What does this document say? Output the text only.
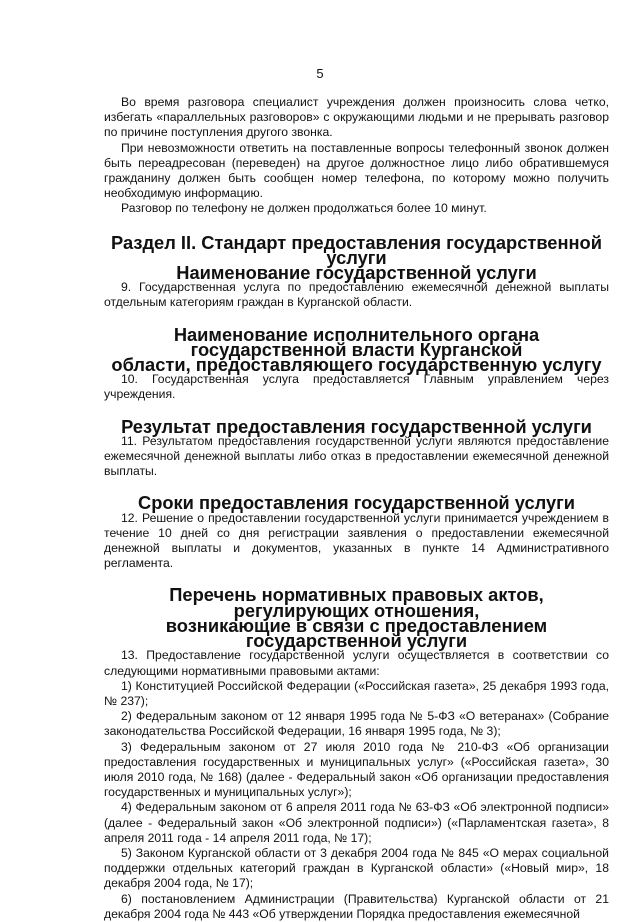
5

Во время разговора специалист учреждения должен произносить слова четко, избегать «параллельных разговоров» с окружающими людьми и не прерывать разговор по причине поступления другого звонка.

При невозможности ответить на поставленные вопросы телефонный звонок должен быть переадресован (переведен) на другое должностное лицо либо обратившемуся гражданину должен быть сообщен номер телефона, по которому можно получить необходимую информацию.

Разговор по телефону не должен продолжаться более 10 минут.

Раздел II. Стандарт предоставления государственной услуги
Наименование государственной услуги

9. Государственная услуга по предоставлению ежемесячной денежной выплаты отдельным категориям граждан в Курганской области.

Наименование исполнительного органа государственной власти Курганской
области, предоставляющего государственную услугу

10. Государственная услуга предоставляется Главным управлением через учреждения.

Результат предоставления государственной услуги

11. Результатом предоставления государственной услуги являются предоставление ежемесячной денежной выплаты либо отказ в предоставлении ежемесячной денежной выплаты.

Сроки предоставления государственной услуги

12. Решение о предоставлении государственной услуги принимается учреждением в течение 10 дней со дня регистрации заявления о предоставлении ежемесячной денежной выплаты и документов, указанных в пункте 14 Административного регламента.

Перечень нормативных правовых актов, регулирующих отношения,
возникающие в связи с предоставлением государственной услуги

13. Предоставление государственной услуги осуществляется в соответствии со следующими нормативными правовыми актами:

1) Конституцией Российской Федерации («Российская газета», 25 декабря 1993 года, № 237);

2) Федеральным законом от 12 января 1995 года № 5-ФЗ «О ветеранах» (Собрание законодательства Российской Федерации, 16 января 1995 года, № 3);

3) Федеральным законом от 27 июля 2010 года № 210-ФЗ «Об организации предоставления государственных и муниципальных услуг» («Российская газета», 30 июля 2010 года, № 168) (далее - Федеральный закон «Об организации предоставления государственных и муниципальных услуг»);

4) Федеральным законом от 6 апреля 2011 года № 63-ФЗ «Об электронной подписи» (далее - Федеральный закон «Об электронной подписи») («Парламентская газета», 8 апреля 2011 года - 14 апреля 2011 года, № 17);

5) Законом Курганской области от 3 декабря 2004 года № 845 «О мерах социальной поддержки отдельных категорий граждан в Курганской области» («Новый мир», 18 декабря 2004 года, № 17);

6) постановлением Администрации (Правительства) Курганской области от 21 декабря 2004 года № 443 «Об утверждении Порядка предоставления ежемесячной
